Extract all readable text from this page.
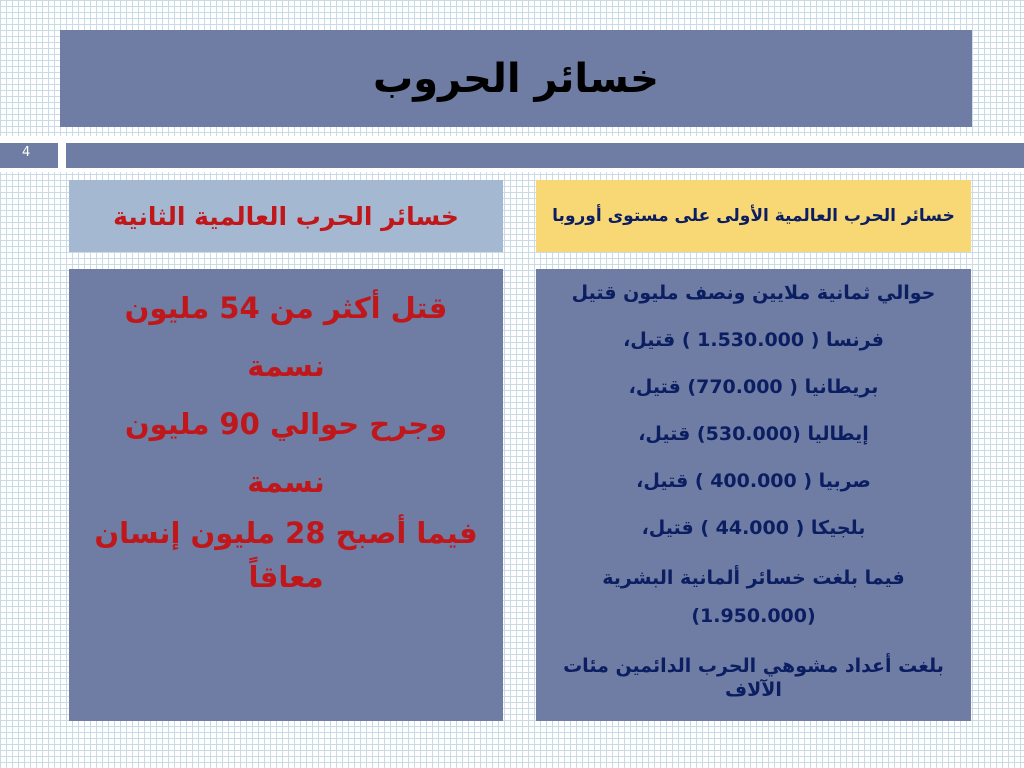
خسائر الحروب
4
خسائر الحرب العالمية الثانية	خسائر الحرب العالمية الأولى على مستوى أوروبا
قتل أكثر من 54 مليون نسمة
وجرح حوالي 90 مليون نسمة
فيما أصبح 28 مليون إنسان
معاقاً
حوالي ثمانية ملايين ونصف مليون قتيل
فرنسا ( 1.530.000 ) قتيل،
بريطانيا ( 770.000) قتيل،
إيطاليا (530.000) قتيل،
صربيا ( 400.000 ) قتيل،
بلجيكا ( 44.000 ) قتيل،
فيما بلغت خسائر ألمانية البشرية (1.950.000)
بلغت أعداد مشوهي الحرب الدائمين مئات الآلاف
